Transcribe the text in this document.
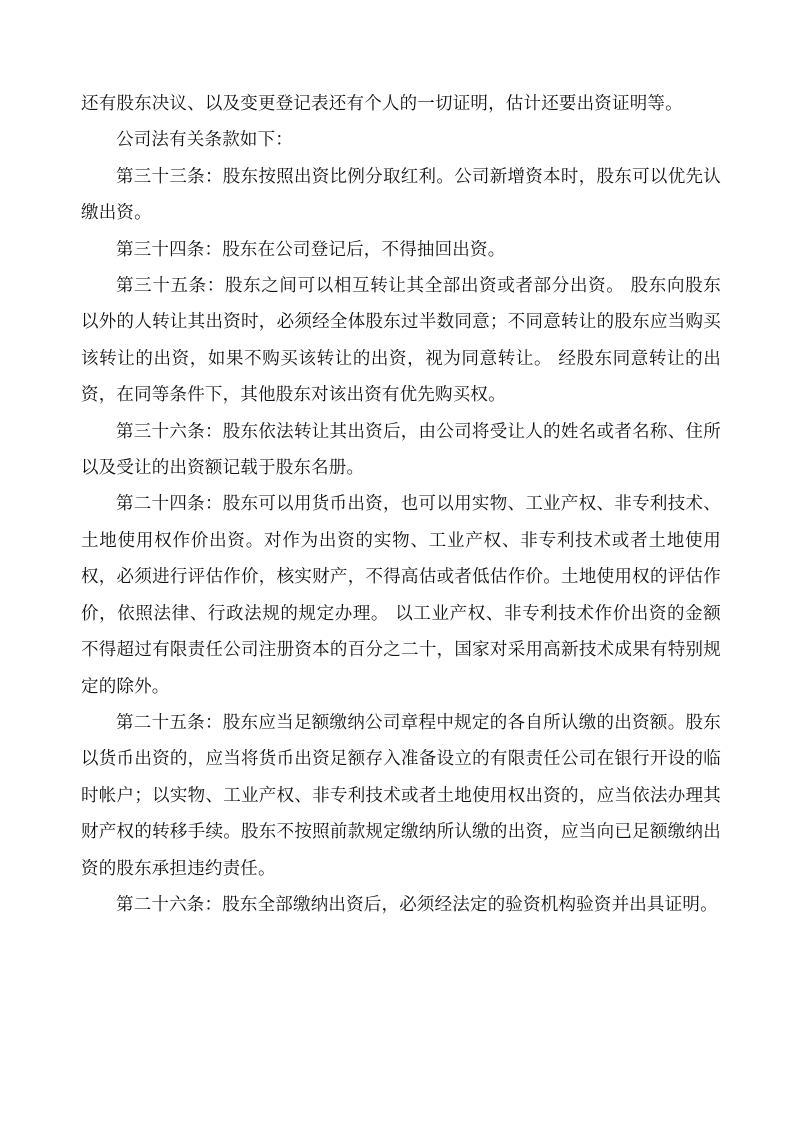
还有股东决议、以及变更登记表还有个人的一切证明，估计还要出资证明等。

公司法有关条款如下：

第三十三条：股东按照出资比例分取红利。公司新增资本时，股东可以优先认缴出资。

第三十四条：股东在公司登记后，不得抽回出资。

第三十五条：股东之间可以相互转让其全部出资或者部分出资。 股东向股东以外的人转让其出资时，必须经全体股东过半数同意；不同意转让的股东应当购买该转让的出资，如果不购买该转让的出资，视为同意转让。 经股东同意转让的出资，在同等条件下，其他股东对该出资有优先购买权。

第三十六条：股东依法转让其出资后，由公司将受让人的姓名或者名称、住所以及受让的出资额记载于股东名册。

第二十四条：股东可以用货币出资，也可以用实物、工业产权、非专利技术、土地使用权作价出资。对作为出资的实物、工业产权、非专利技术或者土地使用权，必须进行评估作价，核实财产，不得高估或者低估作价。土地使用权的评估作价，依照法律、行政法规的规定办理。 以工业产权、非专利技术作价出资的金额不得超过有限责任公司注册资本的百分之二十，国家对采用高新技术成果有特别规定的除外。

第二十五条：股东应当足额缴纳公司章程中规定的各自所认缴的出资额。股东以货币出资的，应当将货币出资足额存入准备设立的有限责任公司在银行开设的临时帐户；以实物、工业产权、非专利技术或者土地使用权出资的，应当依法办理其财产权的转移手续。股东不按照前款规定缴纳所认缴的出资，应当向已足额缴纳出资的股东承担违约责任。

第二十六条：股东全部缴纳出资后，必须经法定的验资机构验资并出具证明。
